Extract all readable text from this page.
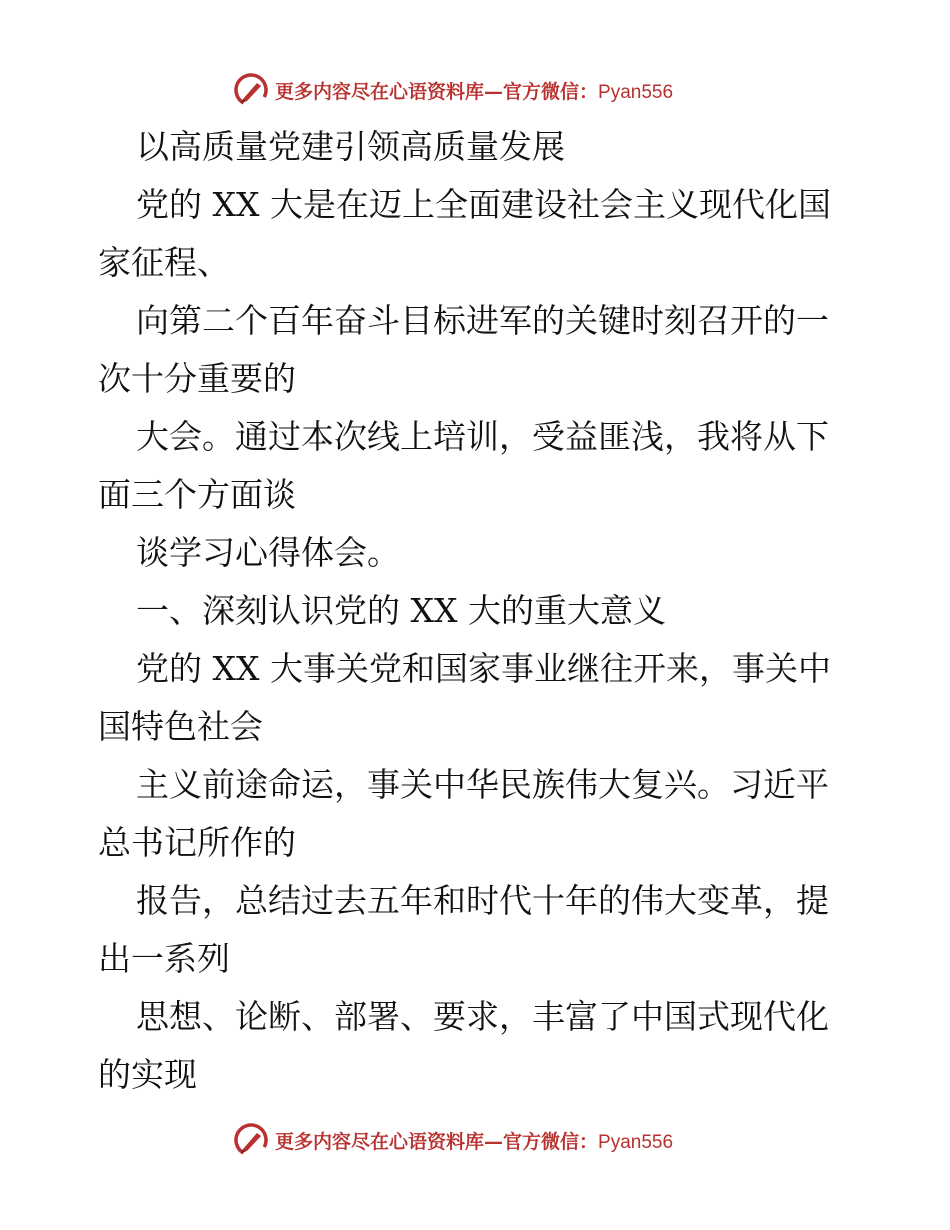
更多内容尽在心语资料库—官方微信：Pyan556
以高质量党建引领高质量发展
党的 XX 大是在迈上全面建设社会主义现代化国
家征程、
向第二个百年奋斗目标进军的关键时刻召开的一
次十分重要的
大会。通过本次线上培训，受益匪浅，我将从下
面三个方面谈
谈学习心得体会。
一、深刻认识党的 XX 大的重大意义
党的 XX 大事关党和国家事业继往开来，事关中
国特色社会
主义前途命运，事关中华民族伟大复兴。习近平
总书记所作的
报告，总结过去五年和时代十年的伟大变革，提
出一系列
思想、论断、部署、要求，丰富了中国式现代化
的实现
更多内容尽在心语资料库—官方微信：Pyan556
